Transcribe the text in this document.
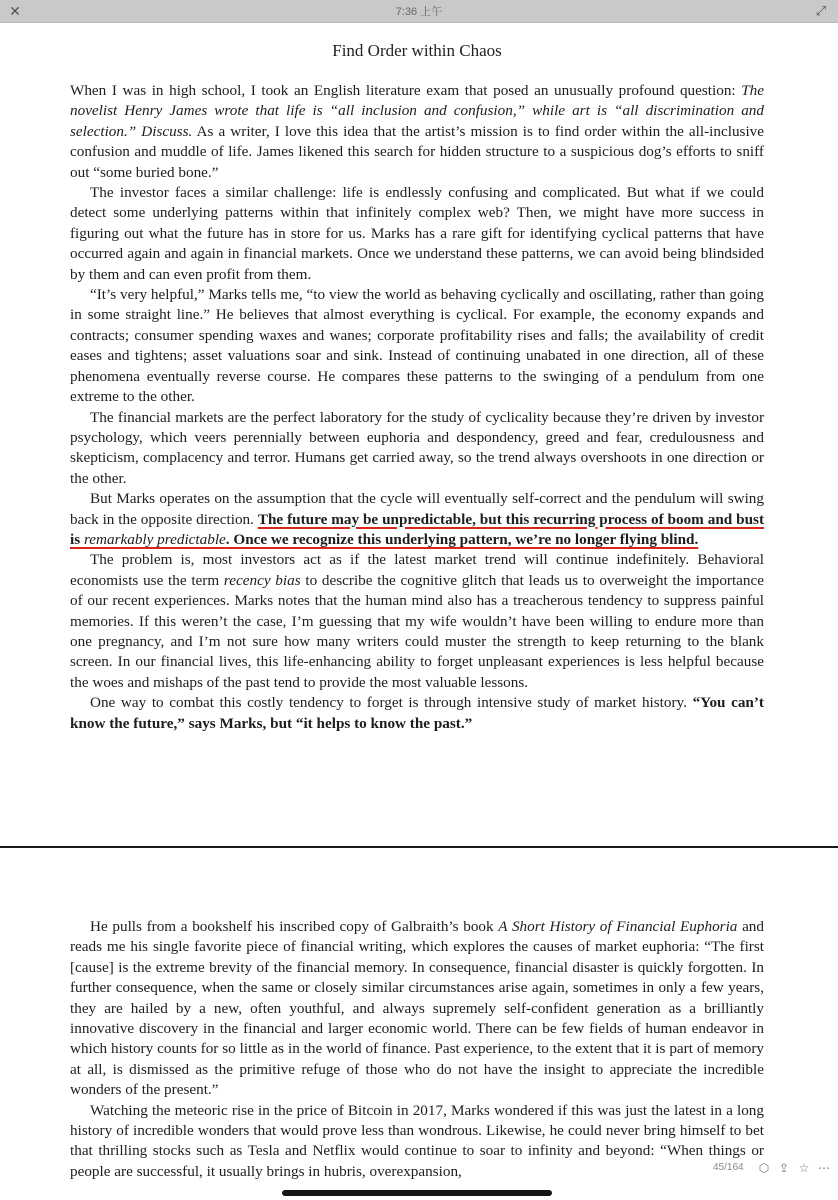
✕	7:36 上午	⤢
Find Order within Chaos

When I was in high school, I took an English literature exam that posed an unusually profound question: The novelist Henry James wrote that life is “all inclusion and confusion,” while art is “all discrimination and selection.” Discuss. As a writer, I love this idea that the artist’s mission is to find order within the all-inclusive confusion and muddle of life. James likened this search for hidden structure to a suspicious dog’s efforts to sniff out “some buried bone.”

The investor faces a similar challenge: life is endlessly confusing and complicated. But what if we could detect some underlying patterns within that infinitely complex web? Then, we might have more success in figuring out what the future has in store for us. Marks has a rare gift for identifying cyclical patterns that have occurred again and again in financial markets. Once we understand these patterns, we can avoid being blindsided by them and can even profit from them.

“It’s very helpful,” Marks tells me, “to view the world as behaving cyclically and oscillating, rather than going in some straight line.” He believes that almost everything is cyclical. For example, the economy expands and contracts; consumer spending waxes and wanes; corporate profitability rises and falls; the availability of credit eases and tightens; asset valuations soar and sink. Instead of continuing unabated in one direction, all of these phenomena eventually reverse course. He compares these patterns to the swinging of a pendulum from one extreme to the other.

The financial markets are the perfect laboratory for the study of cyclicality because they’re driven by investor psychology, which veers perennially between euphoria and despondency, greed and fear, credulousness and skepticism, complacency and terror. Humans get carried away, so the trend always overshoots in one direction or the other.

But Marks operates on the assumption that the cycle will eventually self-correct and the pendulum will swing back in the opposite direction. The future may be unpredictable, but this recurring process of boom and bust is remarkably predictable. Once we recognize this underlying pattern, we’re no longer flying blind.

The problem is, most investors act as if the latest market trend will continue indefinitely. Behavioral economists use the term recency bias to describe the cognitive glitch that leads us to overweight the importance of our recent experiences. Marks notes that the human mind also has a treacherous tendency to suppress painful memories. If this weren’t the case, I’m guessing that my wife wouldn’t have been willing to endure more than one pregnancy, and I’m not sure how many writers could muster the strength to keep returning to the blank screen. In our financial lives, this life-enhancing ability to forget unpleasant experiences is less helpful because the woes and mishaps of the past tend to provide the most valuable lessons.

One way to combat this costly tendency to forget is through intensive study of market history. “You can’t know the future,” says Marks, but “it helps to know the past.”

He pulls from a bookshelf his inscribed copy of Galbraith’s book A Short History of Financial Euphoria and reads me his single favorite piece of financial writing, which explores the causes of market euphoria: “The first [cause] is the extreme brevity of the financial memory. In consequence, financial disaster is quickly forgotten. In further consequence, when the same or closely similar circumstances arise again, sometimes in only a few years, they are hailed by a new, often youthful, and always supremely self-confident generation as a brilliantly innovative discovery in the financial and larger economic world. There can be few fields of human endeavor in which history counts for so little as in the world of finance. Past experience, to the extent that it is part of memory at all, is dismissed as the primitive refuge of those who do not have the insight to appreciate the incredible wonders of the present.”

Watching the meteoric rise in the price of Bitcoin in 2017, Marks wondered if this was just the latest in a long history of incredible wonders that would prove less than wondrous. Likewise, he could never bring himself to bet that thrilling stocks such as Tesla and Netflix would continue to soar to infinity and beyond: “When things or people are successful, it usually brings in hubris, overexpansion,	45/164 ⬡ ⇪ ☆ ⋯
